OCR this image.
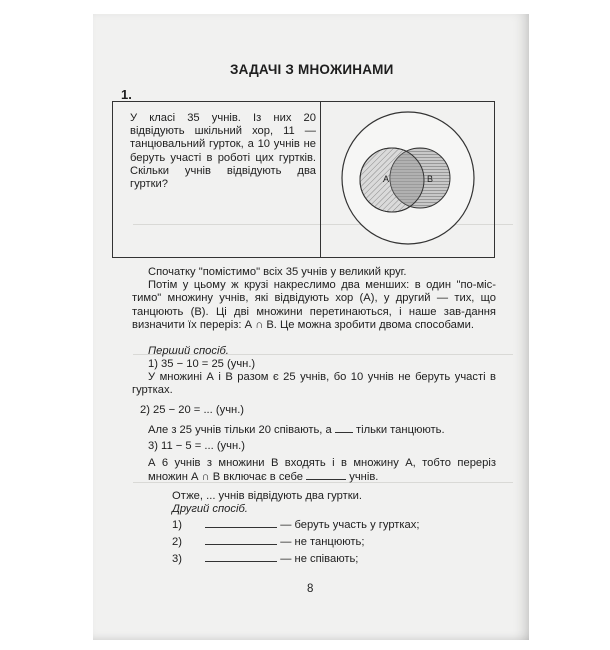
ЗАДАЧІ З МНОЖИНАМИ
1.

У класі 35 учнів. Із них 20 відвідують шкільний хор, 11 — танцювальний гурток, а 10 учнів не беруть участі в роботі цих гуртків. Скільки учнів відвідують два гуртки?	А	В

Спочатку "помістимо" всіх 35 учнів у великий круг.

Потім у цьому ж крузі накреслимо два менших: в один "по-містимо" множину учнів, які відвідують хор (А), у другий — тих, що танцюють (В). Ці дві множини перетинаються, і наше зав-дання визначити їх переріз: А ∩ В. Це можна зробити двома способами.

Перший спосіб.

1) 35 − 10 = 25 (учн.)

У множині А і В разом є 25 учнів, бо 10 учнів не беруть участі в гуртках.

2) 25 − 20 = ... (учн.)

Але з 25 учнів тільки 20 співають, а тільки танцюють.

3) 11 − 5 = ... (учн.)

А 6 учнів з множини В входять і в множину А, тобто переріз множин А ∩ В включає в себе	учнів.

Отже, ... учнів відвідують два гуртки.

Другий спосіб.

1)	— беруть участь у гуртках;
2)	— не танцюють;
3)	— не співають;
8
